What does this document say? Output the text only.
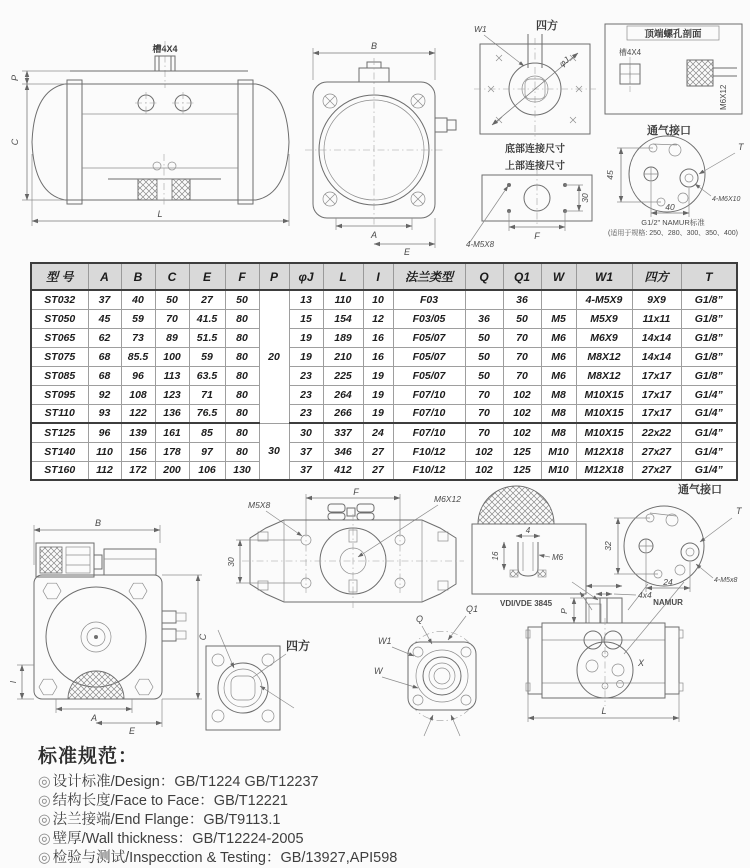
槽4X4
P
C
L
B
A
E
四方
W1
φJ
底部连接尺寸
上部连接尺寸
30
F
4-M5X8
顶端螺孔剖面
槽4X4
M6X12
通气接口
45
40
T
4-M6X10
G1/2" NAMUR标准
(适用于规格: 250、280、300、350、400)
型 号	A	B	C	E	F	P	φJ	L	I	法兰类型	Q	Q1	W	W1	四方	T
ST032	37	40	50	27	50	20	13	110	10	F03		36		4-M5X9	9X9	G1/8”
ST050	45	59	70	41.5	80		15	154	12	F03/05	36	50	M5	M5X9	11x11	G1/8”
ST065	62	73	89	51.5	80		19	189	16	F05/07	50	70	M6	M6X9	14x14	G1/8”
ST075	68	85.5	100	59	80		19	210	16	F05/07	50	70	M6	M8X12	14x14	G1/8”
ST085	68	96	113	63.5	80		23	225	19	F05/07	50	70	M6	M8X12	17x17	G1/8”
ST095	92	108	123	71	80		23	264	19	F07/10	70	102	M8	M10X15	17x17	G1/4”
ST110	93	122	136	76.5	80		23	266	19	F07/10	70	102	M8	M10X15	17x17	G1/4”
ST125	96	139	161	85	80	30	30	337	24	F07/10	70	102	M8	M10X15	22x22	G1/4”
ST140	110	156	178	97	80		37	346	27	F10/12	102	125	M10	M12X18	27x27	G1/4”
ST160	112	172	200	106	130		37	412	27	F10/12	102	125	M10	M12X18	27x27	G1/4”
B
C
I
A
E
F
M5X8
M6X12
30
四方
Q
Q1
W1
W
4
16	M6
VDI/VDE 3845
通气接口
32
24
T
4-M5x8
NAMUR
4x4
P
X
L
标准规范：
◎ 设计标准/Design：GB/T1224 GB/T12237
◎ 结构长度/Face to Face：GB/T12221
◎ 法兰接端/End Flange：GB/T9113.1
◎ 壁厚/Wall thickness：GB/T12224-2005
◎ 检验与测试/Inspecction & Testing：GB/13927,API598
